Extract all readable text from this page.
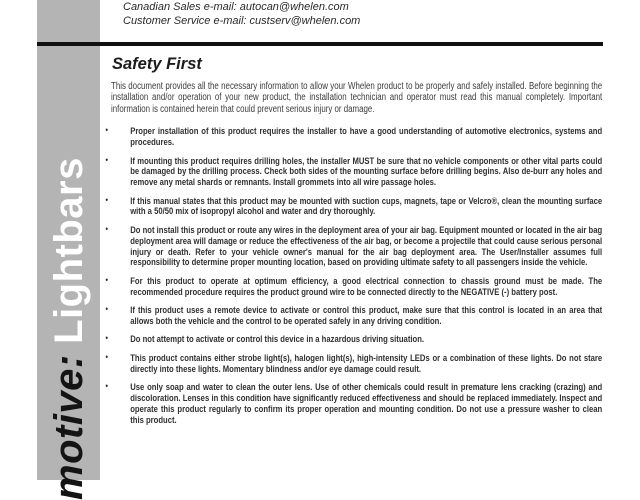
motive:Lightbars
Canadian Sales e-mail: autocan@whelen.com
Customer Service e-mail: custserv@whelen.com
Safety First

This document provides all the necessary information to allow your Whelen product to be properly and safely installed. Before beginning the installation and/or operation of your new product, the installation technician and operator must read this manual completely. Important information is contained herein that could prevent serious injury or damage.

• Proper installation of this product requires the installer to have a good understanding of automotive electronics, systems and procedures.
• If mounting this product requires drilling holes, the installer MUST be sure that no vehicle components or other vital parts could be damaged by the drilling process. Check both sides of the mounting surface before drilling begins. Also de-burr any holes and remove any metal shards or remnants. Install grommets into all wire passage holes.
• If this manual states that this product may be mounted with suction cups, magnets, tape or Velcro®, clean the mounting surface with a 50/50 mix of isopropyl alcohol and water and dry thoroughly.
• Do not install this product or route any wires in the deployment area of your air bag. Equipment mounted or located in the air bag deployment area will damage or reduce the effectiveness of the air bag, or become a projectile that could cause serious personal injury or death. Refer to your vehicle owner's manual for the air bag deployment area. The User/Installer assumes full responsibility to determine proper mounting location, based on providing ultimate safety to all passengers inside the vehicle.
• For this product to operate at optimum efficiency, a good electrical connection to chassis ground must be made. The recommended procedure requires the product ground wire to be connected directly to the NEGATIVE (-) battery post.
• If this product uses a remote device to activate or control this product, make sure that this control is located in an area that allows both the vehicle and the control to be operated safely in any driving condition.
• Do not attempt to activate or control this device in a hazardous driving situation.
• This product contains either strobe light(s), halogen light(s), high-intensity LEDs or a combination of these lights. Do not stare directly into these lights. Momentary blindness and/or eye damage could result.
• Use only soap and water to clean the outer lens. Use of other chemicals could result in premature lens cracking (crazing) and discoloration. Lenses in this condition have significantly reduced effectiveness and should be replaced immediately. Inspect and operate this product regularly to confirm its proper operation and mounting condition. Do not use a pressure washer to clean this product.
